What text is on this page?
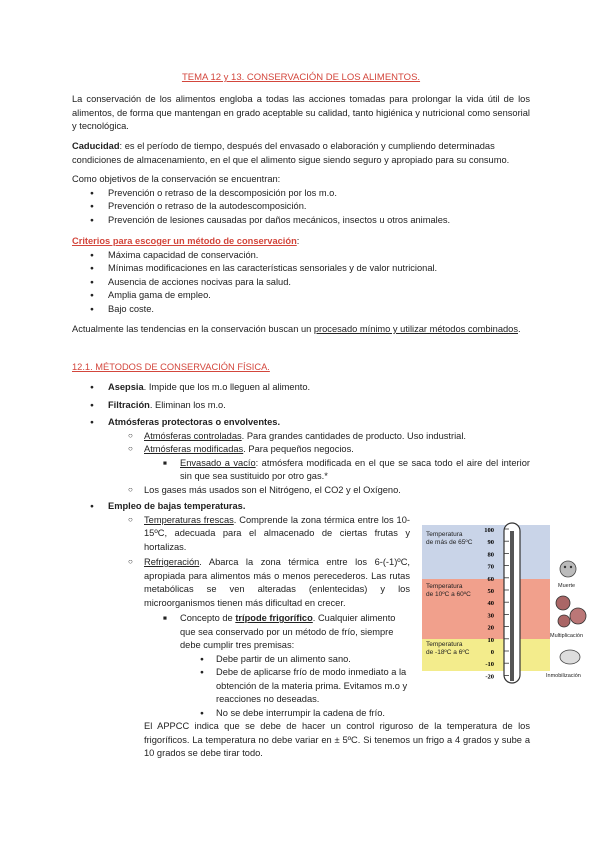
TEMA 12 y 13. CONSERVACIÓN DE LOS ALIMENTOS.

La conservación de los alimentos engloba a todas las acciones tomadas para prolongar la vida útil de los alimentos, de forma que mantengan en grado aceptable su calidad, tanto higiénica y nutricional como sensorial y tecnológica.

Caducidad: es el período de tiempo, después del envasado o elaboración y cumpliendo determinadas condiciones de almacenamiento, en el que el alimento sigue siendo seguro y apropiado para su consumo.

Como objetivos de la conservación se encuentran:

● Prevención o retraso de la descomposición por los m.o.
● Prevención o retraso de la autodescomposición.
● Prevención de lesiones causadas por daños mecánicos, insectos u otros animales.

Criterios para escoger un método de conservación:

● Máxima capacidad de conservación.
● Mínimas modificaciones en las características sensoriales y de valor nutricional.
● Ausencia de acciones nocivas para la salud.
● Amplia gama de empleo.
● Bajo coste.

Actualmente las tendencias en la conservación buscan un procesado mínimo y utilizar métodos combinados.

12.1. MÉTODOS DE CONSERVACIÓN FÍSICA.

● Asepsia. Impide que los m.o lleguen al alimento.
● Filtración. Eliminan los m.o.
● Atmósferas protectoras o envolventes.
○ Atmósferas controladas. Para grandes cantidades de producto. Uso industrial.
○ Atmósferas modificadas. Para pequeños negocios.
■ Envasado a vacío: atmósfera modificada en el que se saca todo el aire del interior sin que sea sustituido por otro gas.*
○ Los gases más usados son el Nitrógeno, el CO2 y el Oxígeno.
● Empleo de bajas temperaturas.
○ Temperaturas frescas. Comprende la zona térmica entre los 10-15ºC, adecuada para el almacenado de ciertas frutas y hortalizas.
○ Refrigeración. Abarca la zona térmica entre los 6-(-1)ºC, apropiada para alimentos más o menos perecederos. Las rutas metabólicas se ven alteradas (enlentecidas) y los microorganismos tienen más dificultad en crecer.
■ Concepto de trípode frigorífico. Cualquier alimento que sea conservado por un método de frío, siempre debe cumplir tres premisas:
● Debe partir de un alimento sano.
● Debe de aplicarse frío de modo inmediato a la obtención de la materia prima. Evitamos m.o y reacciones no deseadas.
● No se debe interrumpir la cadena de frío.

El APPCC indica que se debe de hacer un control riguroso de la temperatura de los frigoríficos. La temperatura no debe variar en ± 5ºC. Si tenemos un frigo a 4 grados y sube a 10 grados se debe tirar todo.

Temperatura de más de 65ºC
Temperatura de 10ºC a 60ºC
Temperatura de -18ºC a 6ºC
100
90
80
70
60
50
40
30
20
10
0
-10
-20
Muerte
Multiplicación
Inmobilización
